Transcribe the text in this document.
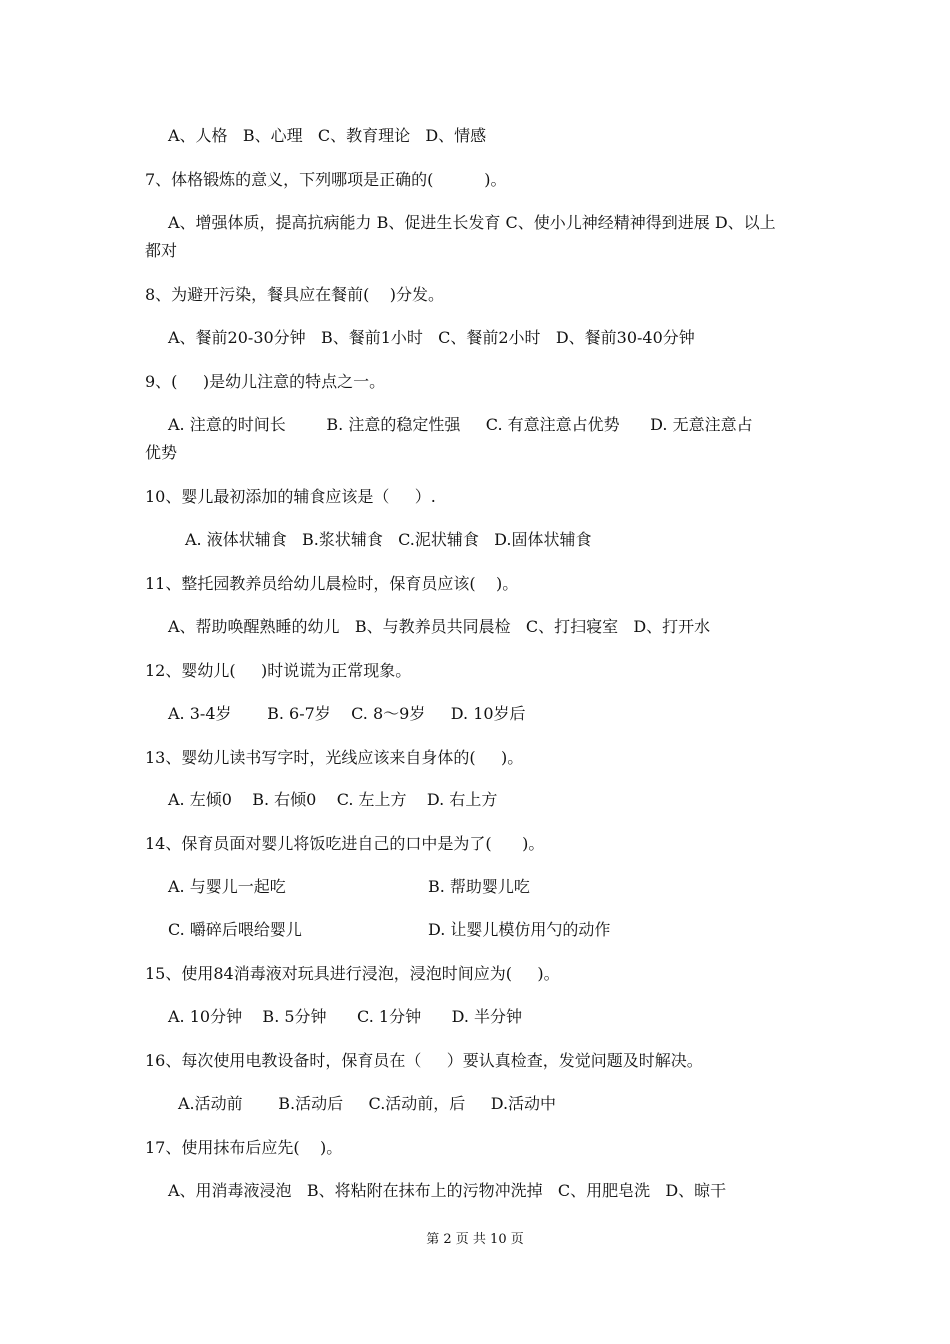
A、人格   B、心理   C、教育理论   D、情感
7、体格锻炼的意义，下列哪项是正确的(          )。
A、增强体质，提高抗病能力 B、促进生长发育 C、使小儿神经精神得到进展 D、以上
都对
8、为避开污染，餐具应在餐前(    )分发。
A、餐前20-30分钟   B、餐前1小时   C、餐前2小时   D、餐前30-40分钟
9、(     )是幼儿注意的特点之一。
A. 注意的时间长        B. 注意的稳定性强     C. 有意注意占优势      D. 无意注意占
优势
10、婴儿最初添加的辅食应该是（     ）.
A. 液体状辅食   B.浆状辅食   C.泥状辅食   D.固体状辅食
11、整托园教养员给幼儿晨检时，保育员应该(    )。
A、帮助唤醒熟睡的幼儿   B、与教养员共同晨检   C、打扫寝室   D、打开水
12、婴幼儿(     )时说谎为正常现象。
A. 3-4岁       B. 6-7岁    C. 8～9岁     D. 10岁后
13、婴幼儿读书写字时，光线应该来自身体的(     )。
A. 左倾0    B. 右倾0    C. 左上方    D. 右上方
14、保育员面对婴儿将饭吃进自己的口中是为了(      )。
A. 与婴儿一起吃	B. 帮助婴儿吃
C. 嚼碎后喂给婴儿	D. 让婴儿模仿用勺的动作
15、使用84消毒液对玩具进行浸泡，浸泡时间应为(     )。
A. 10分钟    B. 5分钟      C. 1分钟      D. 半分钟
16、每次使用电教设备时，保育员在（     ）要认真检查，发觉问题及时解决。
A.活动前       B.活动后     C.活动前，后     D.活动中
17、使用抹布后应先(    )。
A、用消毒液浸泡   B、将粘附在抹布上的污物冲洗掉   C、用肥皂洗   D、晾干
第 2 页 共 10 页
